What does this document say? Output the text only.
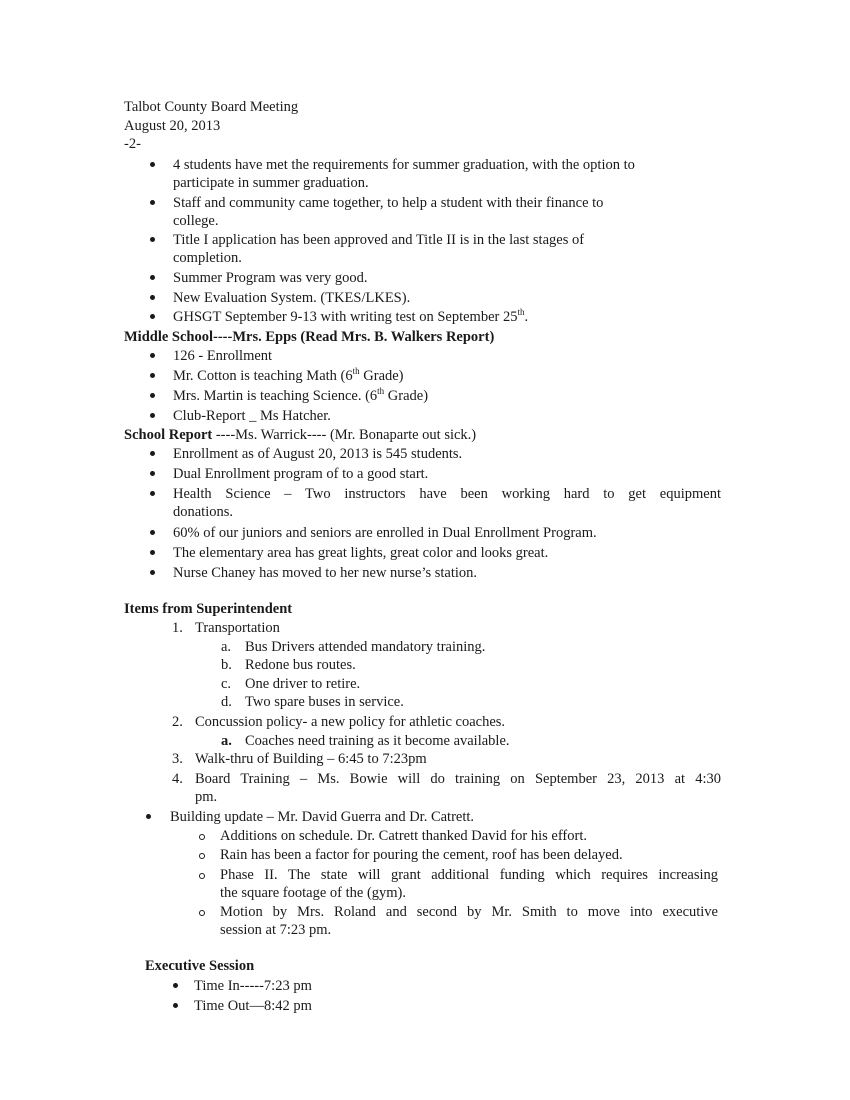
Talbot County Board Meeting
August 20, 2013
-2-
4 students have met the requirements for summer graduation, with the option to
participate in summer graduation.
Staff and community came together, to help a student with their finance to
college.
Title I application has been approved and Title II is in the last stages of
completion.
Summer Program was very good.
New Evaluation System. (TKES/LKES).
GHSGT September 9-13 with writing test on September 25th.
Middle School----Mrs. Epps (Read Mrs. B. Walkers Report)
126 - Enrollment
Mr. Cotton is teaching Math (6th Grade)
Mrs. Martin is teaching Science. (6th Grade)
Club-Report _ Ms Hatcher.
School Report ----Ms. Warrick---- (Mr. Bonaparte out sick.)
Enrollment as of August 20, 2013 is 545 students.
Dual Enrollment program of to a good start.
Health Science – Two instructors have been working hard to get equipment
donations.
60% of our juniors and seniors are enrolled in Dual Enrollment Program.
The elementary area has great lights, great color and looks great.
Nurse Chaney has moved to her new nurse’s station.
Items from Superintendent
1. Transportation
a. Bus Drivers attended mandatory training.
b. Redone bus routes.
c. One driver to retire.
d. Two spare buses in service.
2. Concussion policy- a new policy for athletic coaches.
a. Coaches need training as it become available.
3. Walk-thru of Building – 6:45 to 7:23pm
4. Board Training – Ms. Bowie will do training on September 23, 2013 at 4:30
pm.
Building update – Mr. David Guerra and Dr. Catrett.
Additions on schedule. Dr. Catrett thanked David for his effort.
Rain has been a factor for pouring the cement, roof has been delayed.
Phase II. The state will grant additional funding which requires increasing
the square footage of the (gym).
Motion by Mrs. Roland and second by Mr. Smith to move into executive
session at 7:23 pm.
Executive Session
Time In-----7:23 pm
Time Out—8:42 pm
